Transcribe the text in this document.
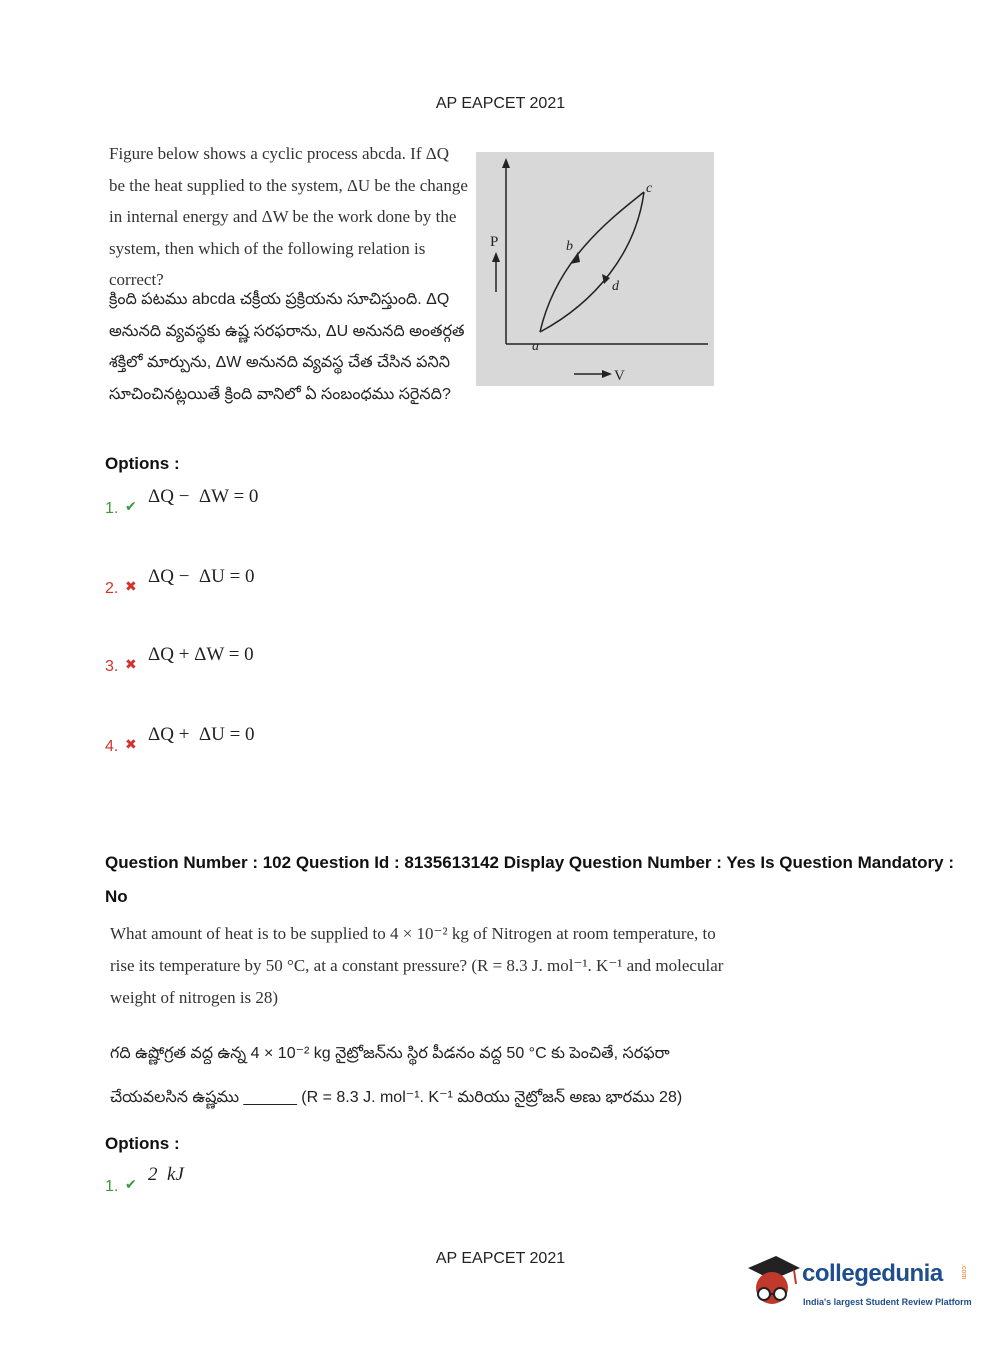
AP EAPCET 2021
Figure below shows a cyclic process abcda. If ΔQ be the heat supplied to the system, ΔU be the change in internal energy and ΔW be the work done by the system, then which of the following relation is correct?
P
V
a
b
c
d
క్రింది పటము abcda చక్రీయ ప్రక్రియను సూచిస్తుంది. ΔQ అనునది వ్యవస్థకు ఉష్ణ సరఫరాను, ΔU అనునది అంతర్గత శక్తిలో మార్పును, ΔW అనునది వ్యవస్థ చేత చేసిన పనిని సూచించినట్లయితే క్రింది వానిలో ఏ సంబంధము సరైనది?
Options :
1. ✔ ΔQ −  ΔW = 0
2. ✖ ΔQ −  ΔU = 0
3. ✖ ΔQ + ΔW = 0
4. ✖ ΔQ +  ΔU = 0
Question Number : 102 Question Id : 8135613142 Display Question Number : Yes Is Question Mandatory : No
What amount of heat is to be supplied to 4 × 10⁻² kg of Nitrogen at room temperature, to rise its temperature by 50 °C, at a constant pressure? (R = 8.3 J. mol⁻¹. K⁻¹ and molecular weight of nitrogen is 28)
గది ఉష్ణోగ్రత వద్ద ఉన్న 4 × 10⁻² kg నైట్రోజన్‌ను స్థిర పీడనం వద్ద 50 °C కు పెంచితే, సరఫరా చేయవలసిన ఉష్ణము ______ (R = 8.3 J. mol⁻¹. K⁻¹ మరియు నైట్రోజన్ అణు భారము 28)
Options :
1. ✔ 2  kJ
AP EAPCET 2021
collegedunia .com
India's largest Student Review Platform
